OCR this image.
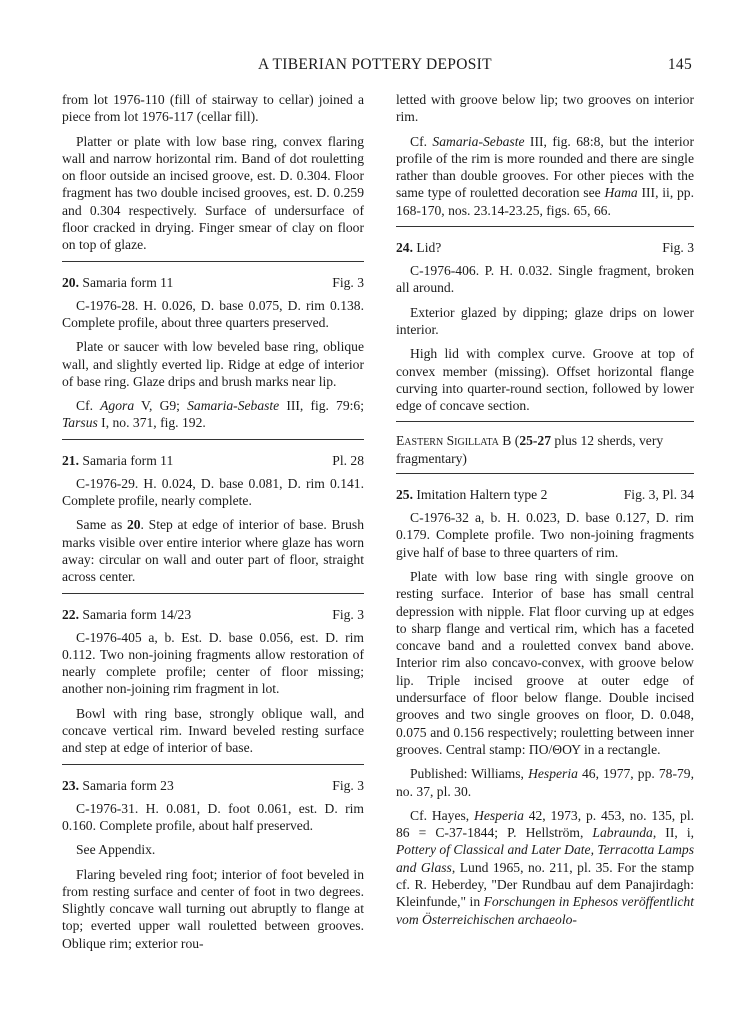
A TIBERIAN POTTERY DEPOSIT	145

from lot 1976-110 (fill of stairway to cellar) joined a piece from lot 1976-117 (cellar fill).

Platter or plate with low base ring, convex flaring wall and narrow horizontal rim. Band of dot rouletting on floor outside an incised groove, est. D. 0.304. Floor fragment has two double incised grooves, est. D. 0.259 and 0.304 respectively. Surface of undersurface of floor cracked in drying. Finger smear of clay on floor on top of glaze.

20. Samaria form 11	Fig. 3

C-1976-28. H. 0.026, D. base 0.075, D. rim 0.138. Complete profile, about three quarters preserved.

Plate or saucer with low beveled base ring, oblique wall, and slightly everted lip. Ridge at edge of interior of base ring. Glaze drips and brush marks near lip.

Cf. Agora V, G9; Samaria-Sebaste III, fig. 79:6; Tarsus I, no. 371, fig. 192.

21. Samaria form 11	Pl. 28

C-1976-29. H. 0.024, D. base 0.081, D. rim 0.141. Complete profile, nearly complete.

Same as 20. Step at edge of interior of base. Brush marks visible over entire interior where glaze has worn away: circular on wall and outer part of floor, straight across center.

22. Samaria form 14/23	Fig. 3

C-1976-405 a, b. Est. D. base 0.056, est. D. rim 0.112. Two non-joining fragments allow restoration of nearly complete profile; center of floor missing; another non-joining rim fragment in lot.

Bowl with ring base, strongly oblique wall, and concave vertical rim. Inward beveled resting surface and step at edge of interior of base.

23. Samaria form 23	Fig. 3

C-1976-31. H. 0.081, D. foot 0.061, est. D. rim 0.160. Complete profile, about half preserved.

See Appendix.

Flaring beveled ring foot; interior of foot beveled in from resting surface and center of foot in two degrees. Slightly concave wall turning out abruptly to flange at top; everted upper wall rouletted between grooves. Oblique rim; exterior rou-

letted with groove below lip; two grooves on interior rim.

Cf. Samaria-Sebaste III, fig. 68:8, but the interior profile of the rim is more rounded and there are single rather than double grooves. For other pieces with the same type of rouletted decoration see Hama III, ii, pp. 168-170, nos. 23.14-23.25, figs. 65, 66.

24. Lid?	Fig. 3

C-1976-406. P. H. 0.032. Single fragment, broken all around.

Exterior glazed by dipping; glaze drips on lower interior.

High lid with complex curve. Groove at top of convex member (missing). Offset horizontal flange curving into quarter-round section, followed by lower edge of concave section.

Eastern Sigillata B (25-27 plus 12 sherds, very fragmentary)

25. Imitation Haltern type 2	Fig. 3, Pl. 34

C-1976-32 a, b. H. 0.023, D. base 0.127, D. rim 0.179. Complete profile. Two non-joining fragments give half of base to three quarters of rim.

Plate with low base ring with single groove on resting surface. Interior of base has small central depression with nipple. Flat floor curving up at edges to sharp flange and vertical rim, which has a faceted concave band and a rouletted convex band above. Interior rim also concavo-convex, with groove below lip. Triple incised groove at outer edge of undersurface of floor below flange. Double incised grooves and two single grooves on floor, D. 0.048, 0.075 and 0.156 respectively; rouletting between inner grooves. Central stamp: ΠΟ/ΘΟΥ in a rectangle.

Published: Williams, Hesperia 46, 1977, pp. 78-79, no. 37, pl. 30.

Cf. Hayes, Hesperia 42, 1973, p. 453, no. 135, pl. 86 = C-37-1844; P. Hellström, Labraunda, II, i, Pottery of Classical and Later Date, Terracotta Lamps and Glass, Lund 1965, no. 211, pl. 35. For the stamp cf. R. Heberdey, "Der Rundbau auf dem Panajirdagh: Kleinfunde," in Forschungen in Ephesos veröffentlicht vom Österreichischen archaeolo-
